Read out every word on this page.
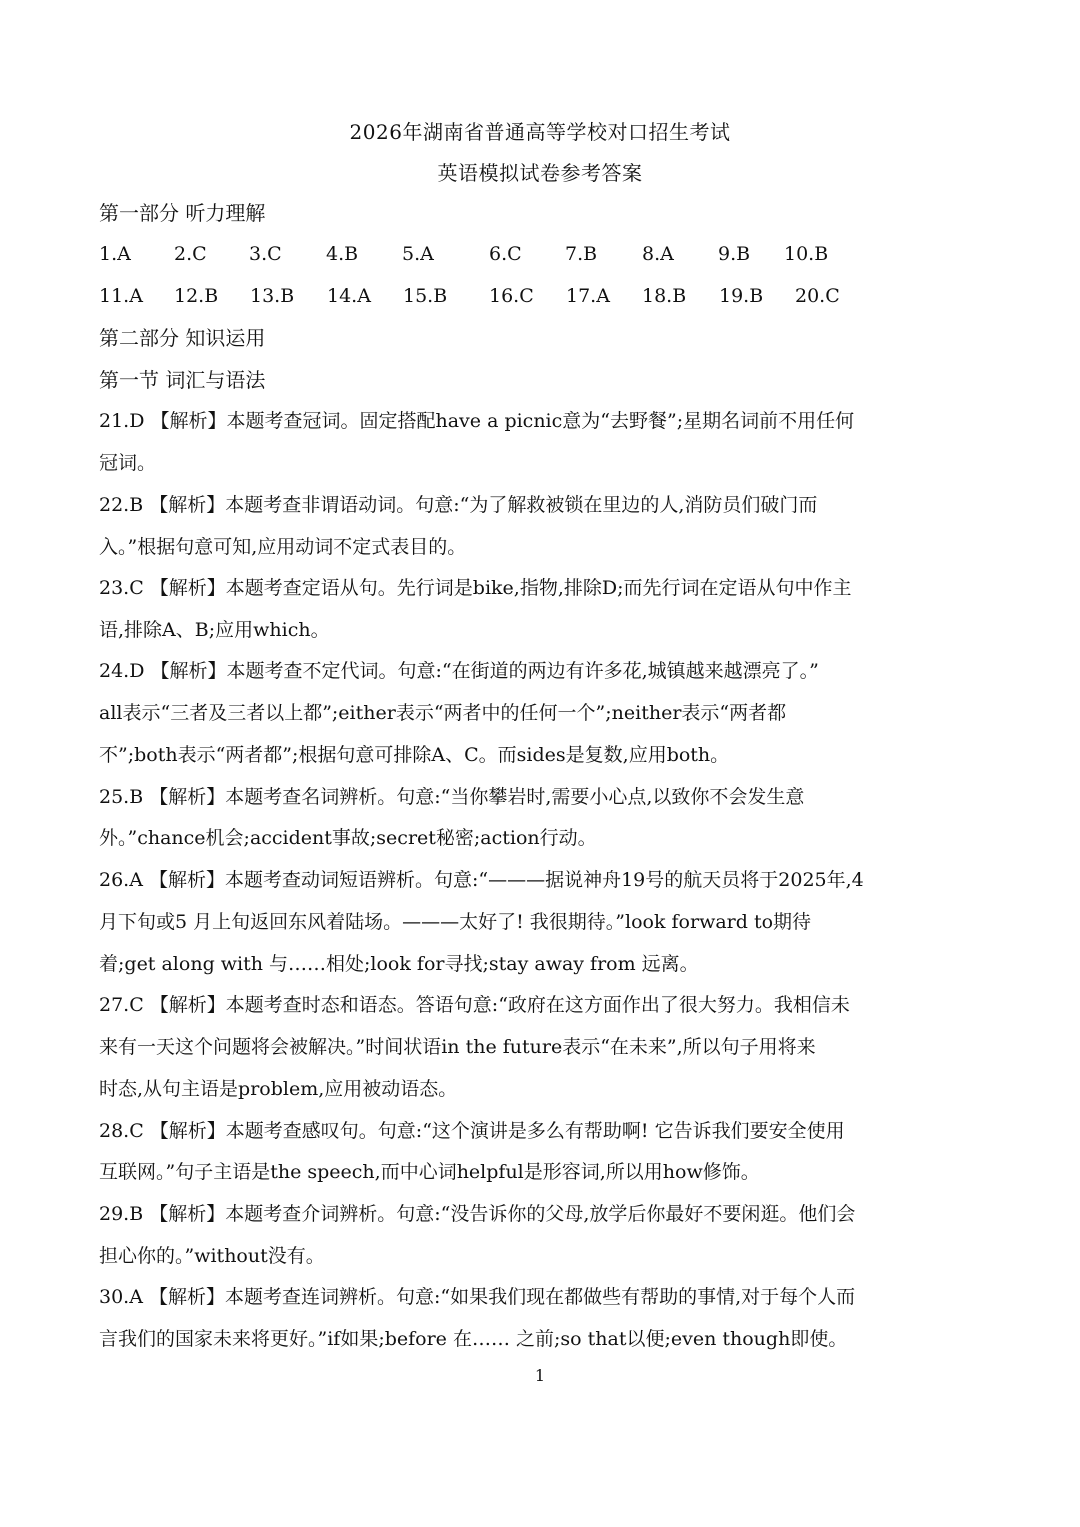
2026年湖南省普通高等学校对口招生考试
英语模拟试卷参考答案
第一部分 听力理解
1.A 2.C 3.C 4.B 5.A	6.C 7.B 8.A 9.B 10.B
11.A 12.B 13.B 14.A 15.B 16.C 17.A 18.B 19.B 20.C
第二部分 知识运用
第一节 词汇与语法
21.D 【解析】本题考查冠词。固定搭配have a picnic意为“去野餐”;星期名词前不用任何
冠词。
22.B 【解析】本题考查非谓语动词。句意:“为了解救被锁在里边的人,消防员们破门而
入。”根据句意可知,应用动词不定式表目的。
23.C 【解析】本题考查定语从句。先行词是bike,指物,排除D;而先行词在定语从句中作主
语,排除A、B;应用which。
24.D 【解析】本题考查不定代词。句意:“在街道的两边有许多花,城镇越来越漂亮了。”
all表示“三者及三者以上都”;either表示“两者中的任何一个”;neither表示“两者都
不”;both表示“两者都”;根据句意可排除A、C。而sides是复数,应用both。
25.B 【解析】本题考查名词辨析。句意:“当你攀岩时,需要小心点,以致你不会发生意
外。”chance机会;accident事故;secret秘密;action行动。
26.A 【解析】本题考查动词短语辨析。句意:“———据说神舟19号的航天员将于2025年,4
月下旬或5 月上旬返回东风着陆场。———太好了! 我很期待。”look forward to期待
着;get along with 与……相处;look for寻找;stay away from 远离。
27.C 【解析】本题考查时态和语态。答语句意:“政府在这方面作出了很大努力。我相信未
来有一天这个问题将会被解决。”时间状语in the future表示“在未来”,所以句子用将来
时态,从句主语是problem,应用被动语态。
28.C 【解析】本题考查感叹句。句意:“这个演讲是多么有帮助啊! 它告诉我们要安全使用
互联网。”句子主语是the speech,而中心词helpful是形容词,所以用how修饰。
29.B 【解析】本题考查介词辨析。句意:“没告诉你的父母,放学后你最好不要闲逛。他们会
担心你的。”without没有。
30.A 【解析】本题考查连词辨析。句意:“如果我们现在都做些有帮助的事情,对于每个人而
言我们的国家未来将更好。”if如果;before 在…… 之前;so that以便;even though即使。
1
